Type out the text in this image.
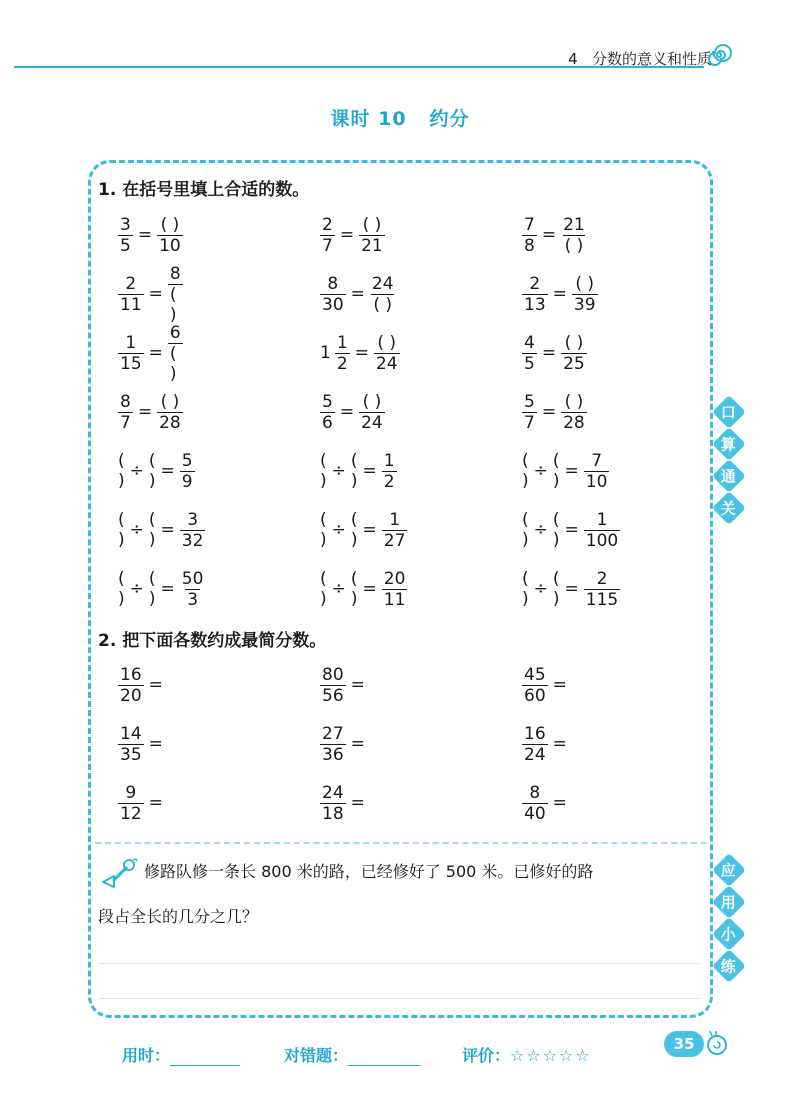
4 分数的意义和性质
课时 10   约分
1. 在括号里填上合适的数。
$\frac{3}{5} = \frac{( )}{10}$	$\frac{2}{7} = \frac{( )}{21}$	$\frac{7}{8} = \frac{21}{( )}$
$\frac{2}{11} = \frac{8}{( )}$	$\frac{8}{30} = \frac{24}{( )}$	$\frac{2}{13} = \frac{( )}{39}$
$\frac{1}{15} = \frac{6}{( )}$	$1 \frac{1}{2} = \frac{( )}{24}$	$\frac{4}{5} = \frac{( )}{25}$
$\frac{8}{7} = \frac{( )}{28}$	$\frac{5}{6} = \frac{( )}{24}$	$\frac{5}{7} = \frac{( )}{28}$
( ) ÷ ( ) = $\frac{5}{9}$	( ) ÷ ( ) = $\frac{1}{2}$	( ) ÷ ( ) = $\frac{7}{10}$
( ) ÷ ( ) = $\frac{3}{32}$	( ) ÷ ( ) = $\frac{1}{27}$	( ) ÷ ( ) = $\frac{1}{100}$
( ) ÷ ( ) = $\frac{50}{3}$	( ) ÷ ( ) = $\frac{20}{11}$	( ) ÷ ( ) = $\frac{2}{115}$
2. 把下面各数约成最简分数。
$\frac{16}{20}$ =	$\frac{80}{56}$ =	$\frac{45}{60}$ =
$\frac{14}{35}$ =	$\frac{27}{36}$ =	$\frac{16}{24}$ =
$\frac{9}{12}$ =	$\frac{24}{18}$ =	$\frac{8}{40}$ =
口
算
通
关
应
用
小
练
修路队修一条长 800 米的路，已经修好了 500 米。已修好的路
段占全长的几分之几？
用时：	对错题：	评价：☆☆☆☆☆
35
